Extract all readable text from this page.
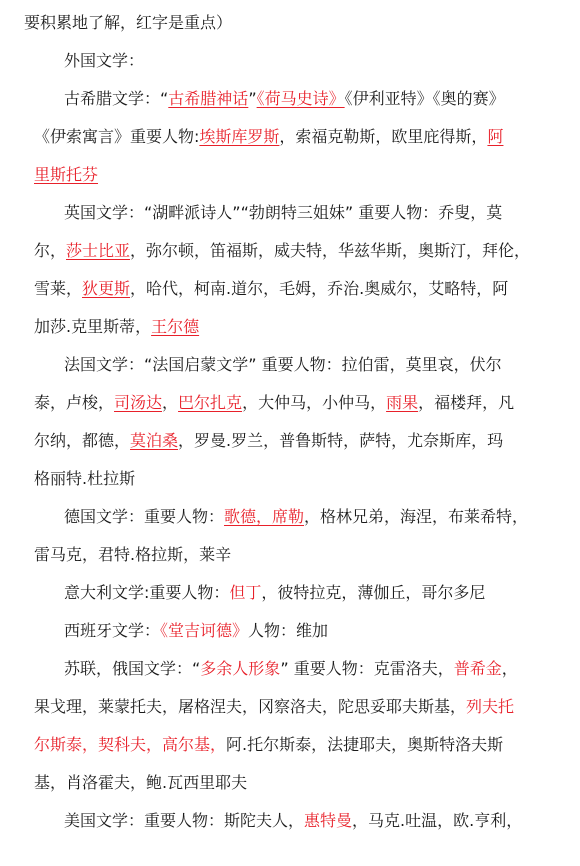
要积累地了解，红字是重点）
外国文学：
古希腊文学：“古希腊神话”《荷马史诗》《伊利亚特》《奥的赛》
《伊索寓言》重要人物:埃斯库罗斯，索福克勒斯，欧里庇得斯，阿
里斯托芬
英国文学：“湖畔派诗人”“勃朗特三姐妹” 重要人物：乔叟，莫
尔，莎士比亚，弥尔顿，笛福斯，威夫特，华兹华斯，奥斯汀，拜伦，
雪莱，狄更斯，哈代，柯南.道尔，毛姆，乔治.奥威尔，艾略特，阿
加莎.克里斯蒂，王尔德
法国文学：“法国启蒙文学” 重要人物：拉伯雷，莫里哀，伏尔
泰，卢梭，司汤达，巴尔扎克，大仲马，小仲马，雨果，福楼拜，凡
尔纳，都德，莫泊桑，罗曼.罗兰，普鲁斯特，萨特，尤奈斯库，玛
格丽特.杜拉斯
德国文学：重要人物：歌德，席勒，格林兄弟，海涅，布莱希特，
雷马克，君特.格拉斯，莱辛
意大利文学:重要人物：但丁，彼特拉克，薄伽丘，哥尔多尼
西班牙文学：《堂吉诃德》人物：维加
苏联，俄国文学：“多余人形象” 重要人物：克雷洛夫，普希金，
果戈理，莱蒙托夫，屠格涅夫，冈察洛夫，陀思妥耶夫斯基，列夫托
尔斯泰，契科夫，高尔基，阿.托尔斯泰，法捷耶夫，奥斯特洛夫斯
基，肖洛霍夫，鲍.瓦西里耶夫
美国文学：重要人物：斯陀夫人，惠特曼，马克.吐温，欧.亨利，
